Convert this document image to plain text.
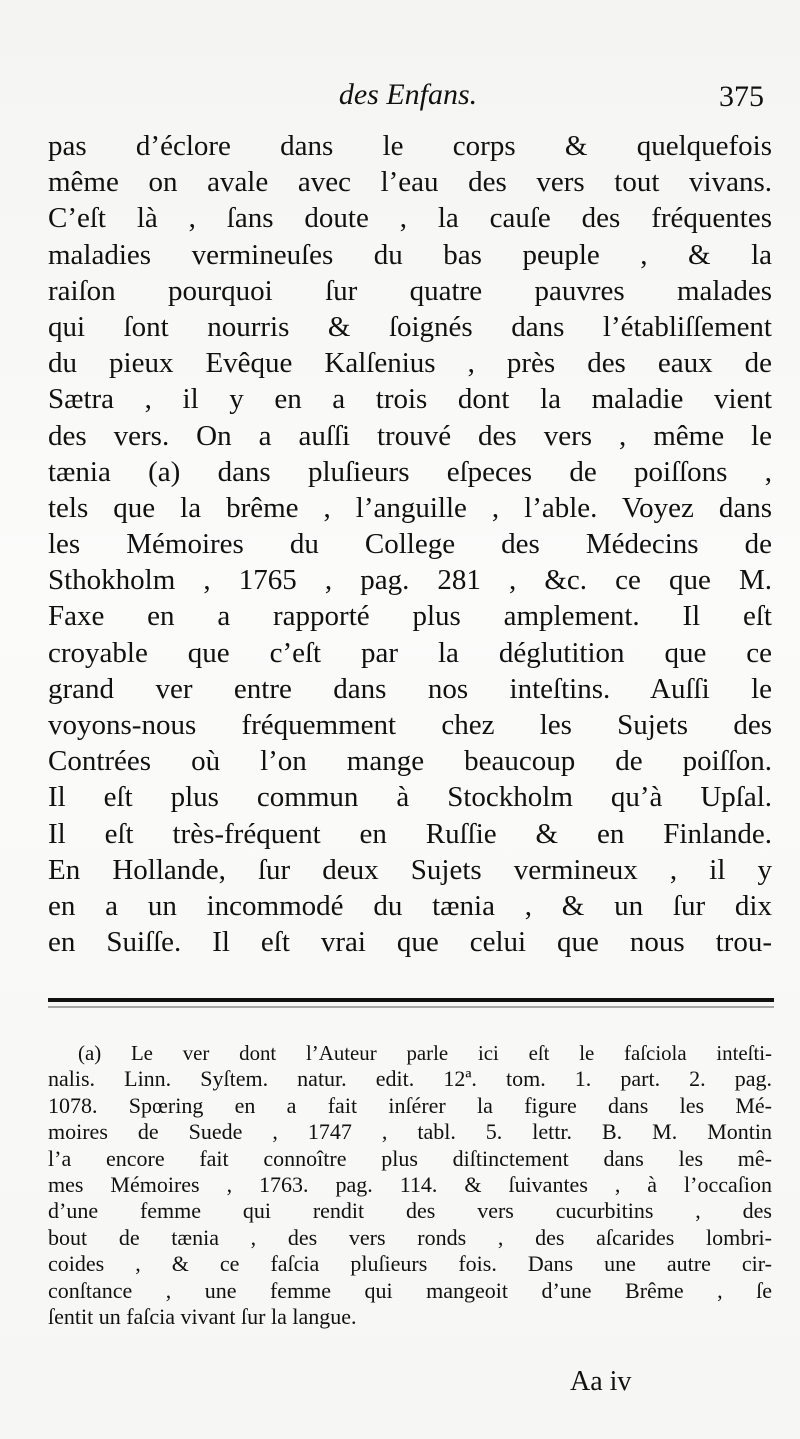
des Enfans.	375
pas d’éclore dans le corps & quelquefois
même on avale avec l’eau des vers tout vivans.
C’eſt là , ſans doute , la cauſe des fréquentes
maladies vermineuſes du bas peuple , & la
raiſon pourquoi ſur quatre pauvres malades
qui ſont nourris & ſoignés dans l’établiſſement
du pieux Evêque Kalſenius , près des eaux de
Sætra , il y en a trois dont la maladie vient
des vers. On a auſſi trouvé des vers , même le
tænia (a) dans pluſieurs eſpeces de poiſſons ,
tels que la brême , l’anguille , l’able. Voyez dans
les Mémoires du College des Médecins de
Sthokholm , 1765 , pag. 281 , &c. ce que M.
Faxe en a rapporté plus amplement. Il eſt
croyable que c’eſt par la déglutition que ce
grand ver entre dans nos inteſtins. Auſſi le
voyons-nous fréquemment chez les Sujets des
Contrées où l’on mange beaucoup de poiſſon.
Il eſt plus commun à Stockholm qu’à Upſal.
Il eſt très-fréquent en Ruſſie & en Finlande.
En Hollande, ſur deux Sujets vermineux , il y
en a un incommodé du tænia , & un ſur dix
en Suiſſe. Il eſt vrai que celui que nous trou-
(a) Le ver dont l’Auteur parle ici eſt le faſciola inteſti-
nalis. Linn. Syſtem. natur. edit. 12ª. tom. 1. part. 2. pag.
1078. Spœring en a fait inſérer la figure dans les Mé-
moires de Suede , 1747 , tabl. 5. lettr. B. M. Montin
l’a encore fait connoître plus diſtinctement dans les mê-
mes Mémoires , 1763. pag. 114. & ſuivantes , à l’occaſion
d’une femme qui rendit des vers cucurbitins , des
bout de tænia , des vers ronds , des aſcarides lombri-
coides , & ce faſcia pluſieurs fois. Dans une autre cir-
conſtance , une femme qui mangeoit d’une Brême , ſe
ſentit un faſcia vivant ſur la langue.
Aa iv
